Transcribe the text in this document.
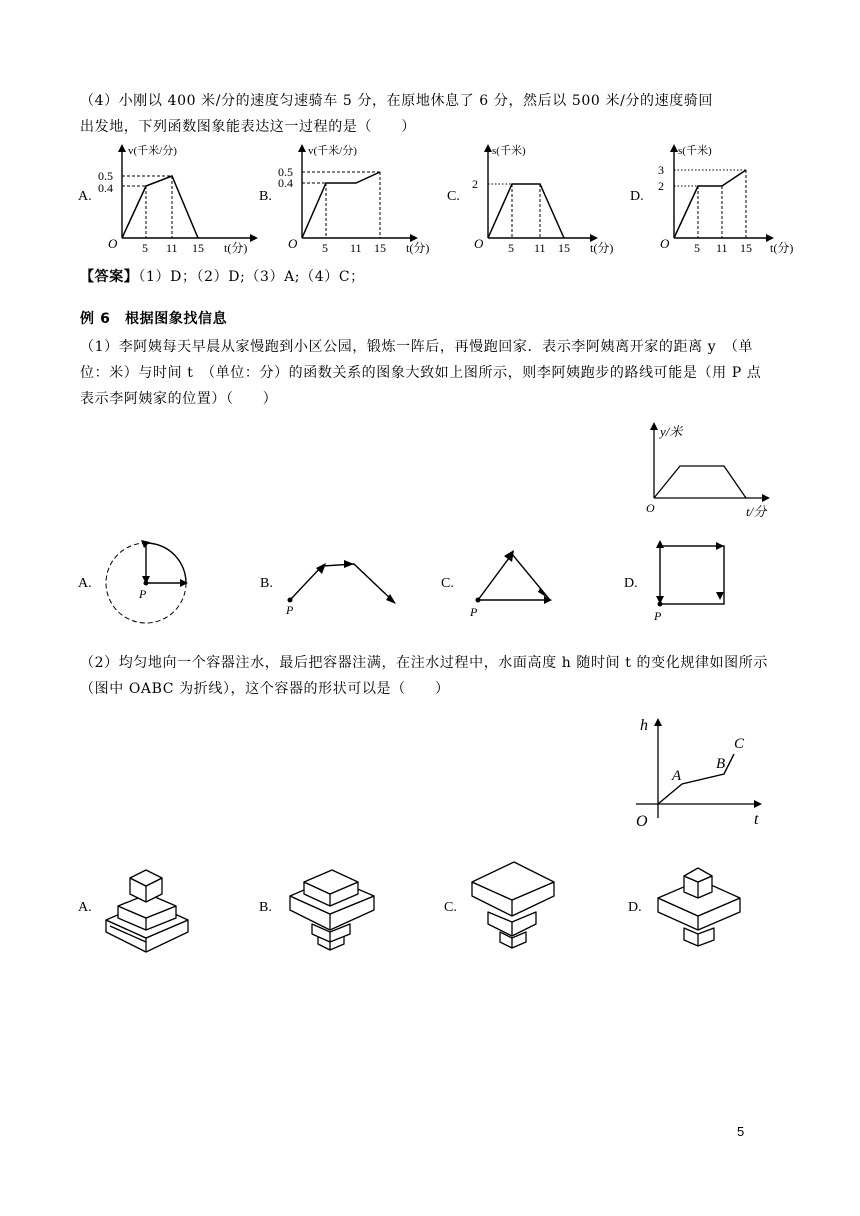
（4）小刚以 400 米/分的速度匀速骑车 5 分，在原地休息了 6 分，然后以 500 米/分的速度骑回
出发地，下列函数图象能表达这一过程的是（　　）
A.	B.	C.	D.
v(千米/分)
0.5
0.4
O 5 11 15 t(分)
v(千米/分)
0.5
0.4
O 5 11 15 t(分)
s(千米)
2
O 5 11 15 t(分)
s(千米)
3
2
O 5 11 15 t(分)
【答案】（1）D；（2）D;（3）A;（4）C；
例 6　根据图象找信息
（1）李阿姨每天早晨从家慢跑到小区公园，锻炼一阵后，再慢跑回家．表示李阿姨离开家的距离 y　（单
位：米）与时间 t　（单位：分）的函数关系的图象大致如上图所示，则李阿姨跑步的路线可能是（用 P 点
表示李阿姨家的位置）（　　）
y/米
O	t/分
A.	B.	C.	D.
P
P	P	P
（2）均匀地向一个容器注水，最后把容器注满，在注水过程中，水面高度 h 随时间 t 的变化规律如图所示
（图中 OABC 为折线），这个容器的形状可以是（　　）
h
O	t
A
B
C
A.	B.	C.	D.
5
